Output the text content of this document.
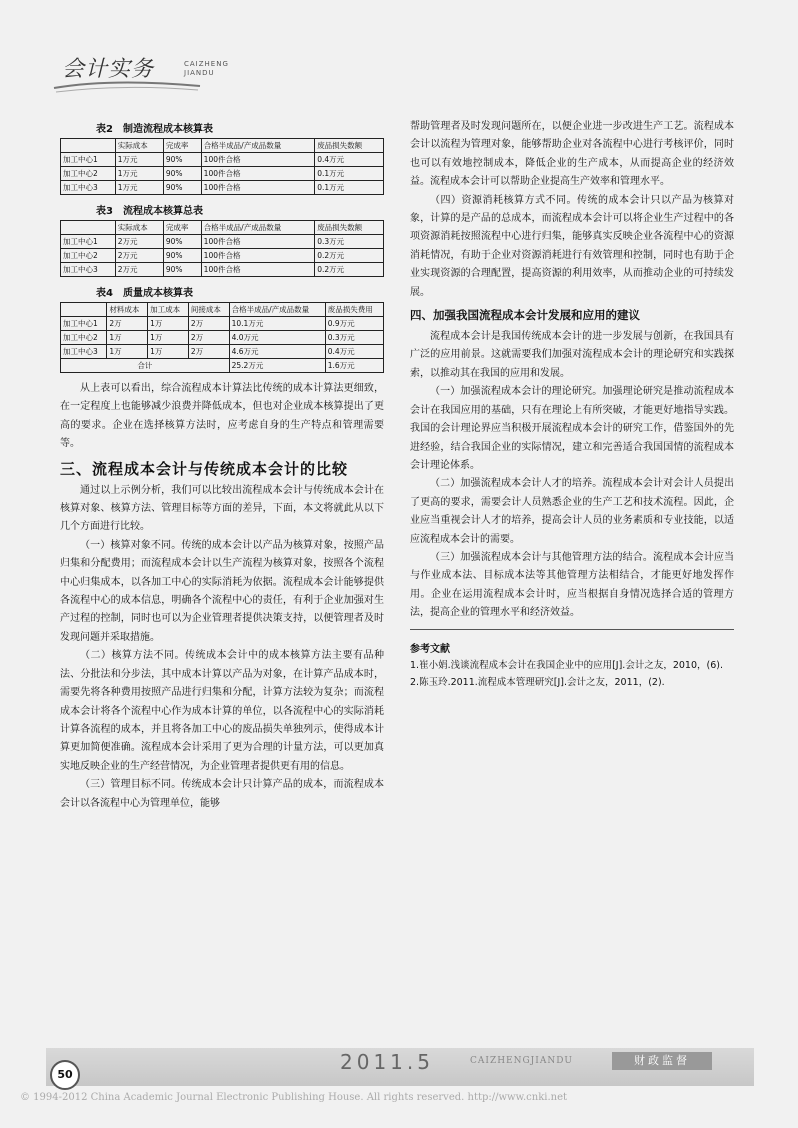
会计实务	CAIZHENG
JIANDU
表2　制造流程成本核算表
	实际成本	完成率	合格半成品/产成品数量	废品损失数额
加工中心1	1万元	90%	100件合格	0.4万元
加工中心2	1万元	90%	100件合格	0.1万元
加工中心3	1万元	90%	100件合格	0.1万元
表3　流程成本核算总表
	实际成本	完成率	合格半成品/产成品数量	废品损失数额
加工中心1	2万元	90%	100件合格	0.3万元
加工中心2	2万元	90%	100件合格	0.2万元
加工中心3	2万元	90%	100件合格	0.2万元
表4　质量成本核算表
	材料成本	加工成本	间接成本	合格半成品/产成品数量	废品损失费用
加工中心1	2万	1万	2万	10.1万元	0.9万元
加工中心2	1万	1万	2万	4.0万元	0.3万元
加工中心3	1万	1万	2万	4.6万元	0.4万元
合计				25.2万元	1.6万元

从上表可以看出，综合流程成本计算法比传统的成本计算法更细致，在一定程度上也能够减少浪费并降低成本，但也对企业成本核算提出了更高的要求。企业在选择核算方法时，应考虑自身的生产特点和管理需要等。

三、流程成本会计与传统成本会计的比较

通过以上示例分析，我们可以比较出流程成本会计与传统成本会计在核算对象、核算方法、管理目标等方面的差异，下面，本文将就此从以下几个方面进行比较。

（一）核算对象不同。传统的成本会计以产品为核算对象，按照产品归集和分配费用；而流程成本会计以生产流程为核算对象，按照各个流程中心归集成本，以各加工中心的实际消耗为依据。流程成本会计能够提供各流程中心的成本信息，明确各个流程中心的责任，有利于企业加强对生产过程的控制，同时也可以为企业管理者提供决策支持，以便管理者及时发现问题并采取措施。

（二）核算方法不同。传统成本会计中的成本核算方法主要有品种法、分批法和分步法，其中成本计算以产品为对象，在计算产品成本时，需要先将各种费用按照产品进行归集和分配，计算方法较为复杂；而流程成本会计将各个流程中心作为成本计算的单位，以各流程中心的实际消耗计算各流程的成本，并且将各加工中心的废品损失单独列示，使得成本计算更加简便准确。流程成本会计采用了更为合理的计量方法，可以更加真实地反映企业的生产经营情况，为企业管理者提供更有用的信息。

（三）管理目标不同。传统成本会计只计算产品的成本，而流程成本会计以各流程中心为管理单位，能够

帮助管理者及时发现问题所在，以便企业进一步改进生产工艺。流程成本会计以流程为管理对象，能够帮助企业对各流程中心进行考核评价，同时也可以有效地控制成本，降低企业的生产成本，从而提高企业的经济效益。流程成本会计可以帮助企业提高生产效率和管理水平。

（四）资源消耗核算方式不同。传统的成本会计只以产品为核算对象，计算的是产品的总成本，而流程成本会计可以将企业生产过程中的各项资源消耗按照流程中心进行归集，能够真实反映企业各流程中心的资源消耗情况，有助于企业对资源消耗进行有效管理和控制，同时也有助于企业实现资源的合理配置，提高资源的利用效率，从而推动企业的可持续发展。

四、加强我国流程成本会计发展和应用的建议

流程成本会计是我国传统成本会计的进一步发展与创新，在我国具有广泛的应用前景。这就需要我们加强对流程成本会计的理论研究和实践探索，以推动其在我国的应用和发展。

（一）加强流程成本会计的理论研究。加强理论研究是推动流程成本会计在我国应用的基础，只有在理论上有所突破，才能更好地指导实践。我国的会计理论界应当积极开展流程成本会计的研究工作，借鉴国外的先进经验，结合我国企业的实际情况，建立和完善适合我国国情的流程成本会计理论体系。

（二）加强流程成本会计人才的培养。流程成本会计对会计人员提出了更高的要求，需要会计人员熟悉企业的生产工艺和技术流程。因此，企业应当重视会计人才的培养，提高会计人员的业务素质和专业技能，以适应流程成本会计的需要。

（三）加强流程成本会计与其他管理方法的结合。流程成本会计应当与作业成本法、目标成本法等其他管理方法相结合，才能更好地发挥作用。企业在运用流程成本会计时，应当根据自身情况选择合适的管理方法，提高企业的管理水平和经济效益。

参考文献
1.崔小娟.浅谈流程成本会计在我国企业中的应用[J].会计之友，2010，(6).
2.陈玉玲.2011.流程成本管理研究[J].会计之友，2011，(2).
50
2011.5	CAIZHENGJIANDU	财政监督
© 1994-2012 China Academic Journal Electronic Publishing House. All rights reserved. http://www.cnki.net
